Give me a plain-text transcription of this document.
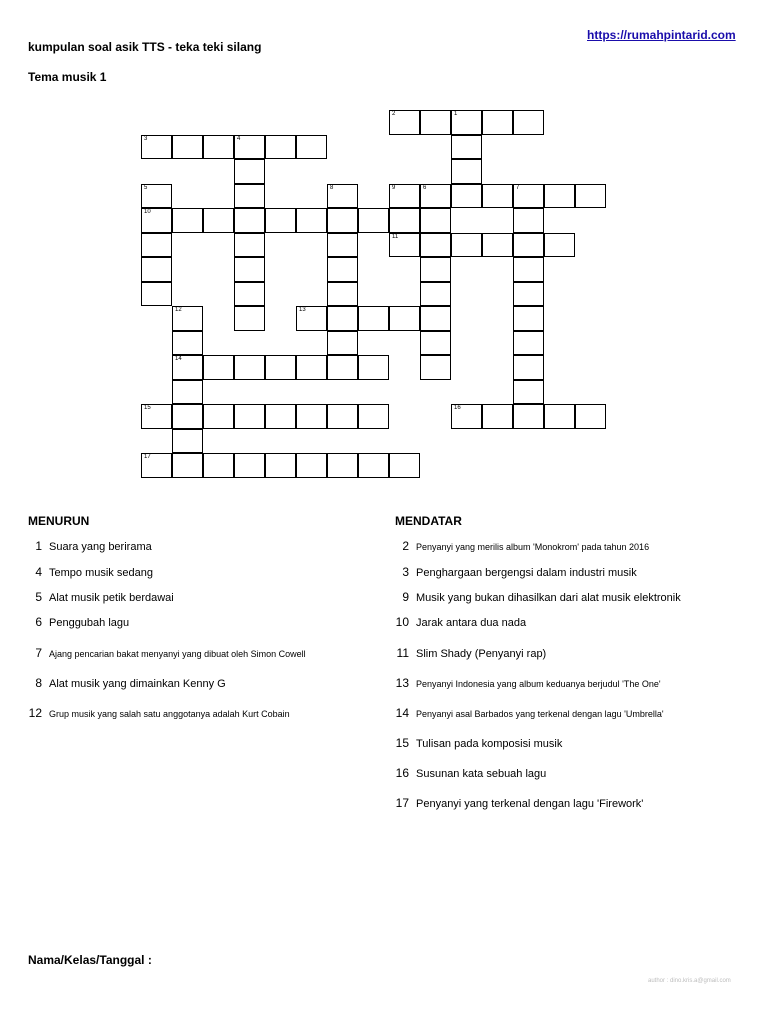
kumpulan soal asik TTS - teka teki silang
https://rumahpintarid.com
Tema musik 1
2	1
3	4
5	8	9	6	7
10
11
12	13
14
15	16
17
MENURUN
1 Suara yang berirama
4 Tempo musik sedang
5 Alat musik petik berdawai
6 Penggubah lagu
7 Ajang pencarian bakat menyanyi yang dibuat oleh Simon Cowell
8 Alat musik yang dimainkan Kenny G
12 Grup musik yang salah satu anggotanya adalah Kurt Cobain
MENDATAR
2 Penyanyi yang merilis album 'Monokrom' pada tahun 2016
3 Penghargaan bergengsi dalam industri musik
9 Musik yang bukan dihasilkan dari alat musik elektronik
10 Jarak antara dua nada
11 Slim Shady (Penyanyi rap)
13 Penyanyi Indonesia yang album keduanya berjudul 'The One'
14 Penyanyi asal Barbados yang terkenal dengan lagu 'Umbrella'
15 Tulisan pada komposisi musik
16 Susunan kata sebuah lagu
17 Penyanyi yang terkenal dengan lagu 'Firework'
Nama/Kelas/Tanggal :
author : dino.kris.a@gmail.com
